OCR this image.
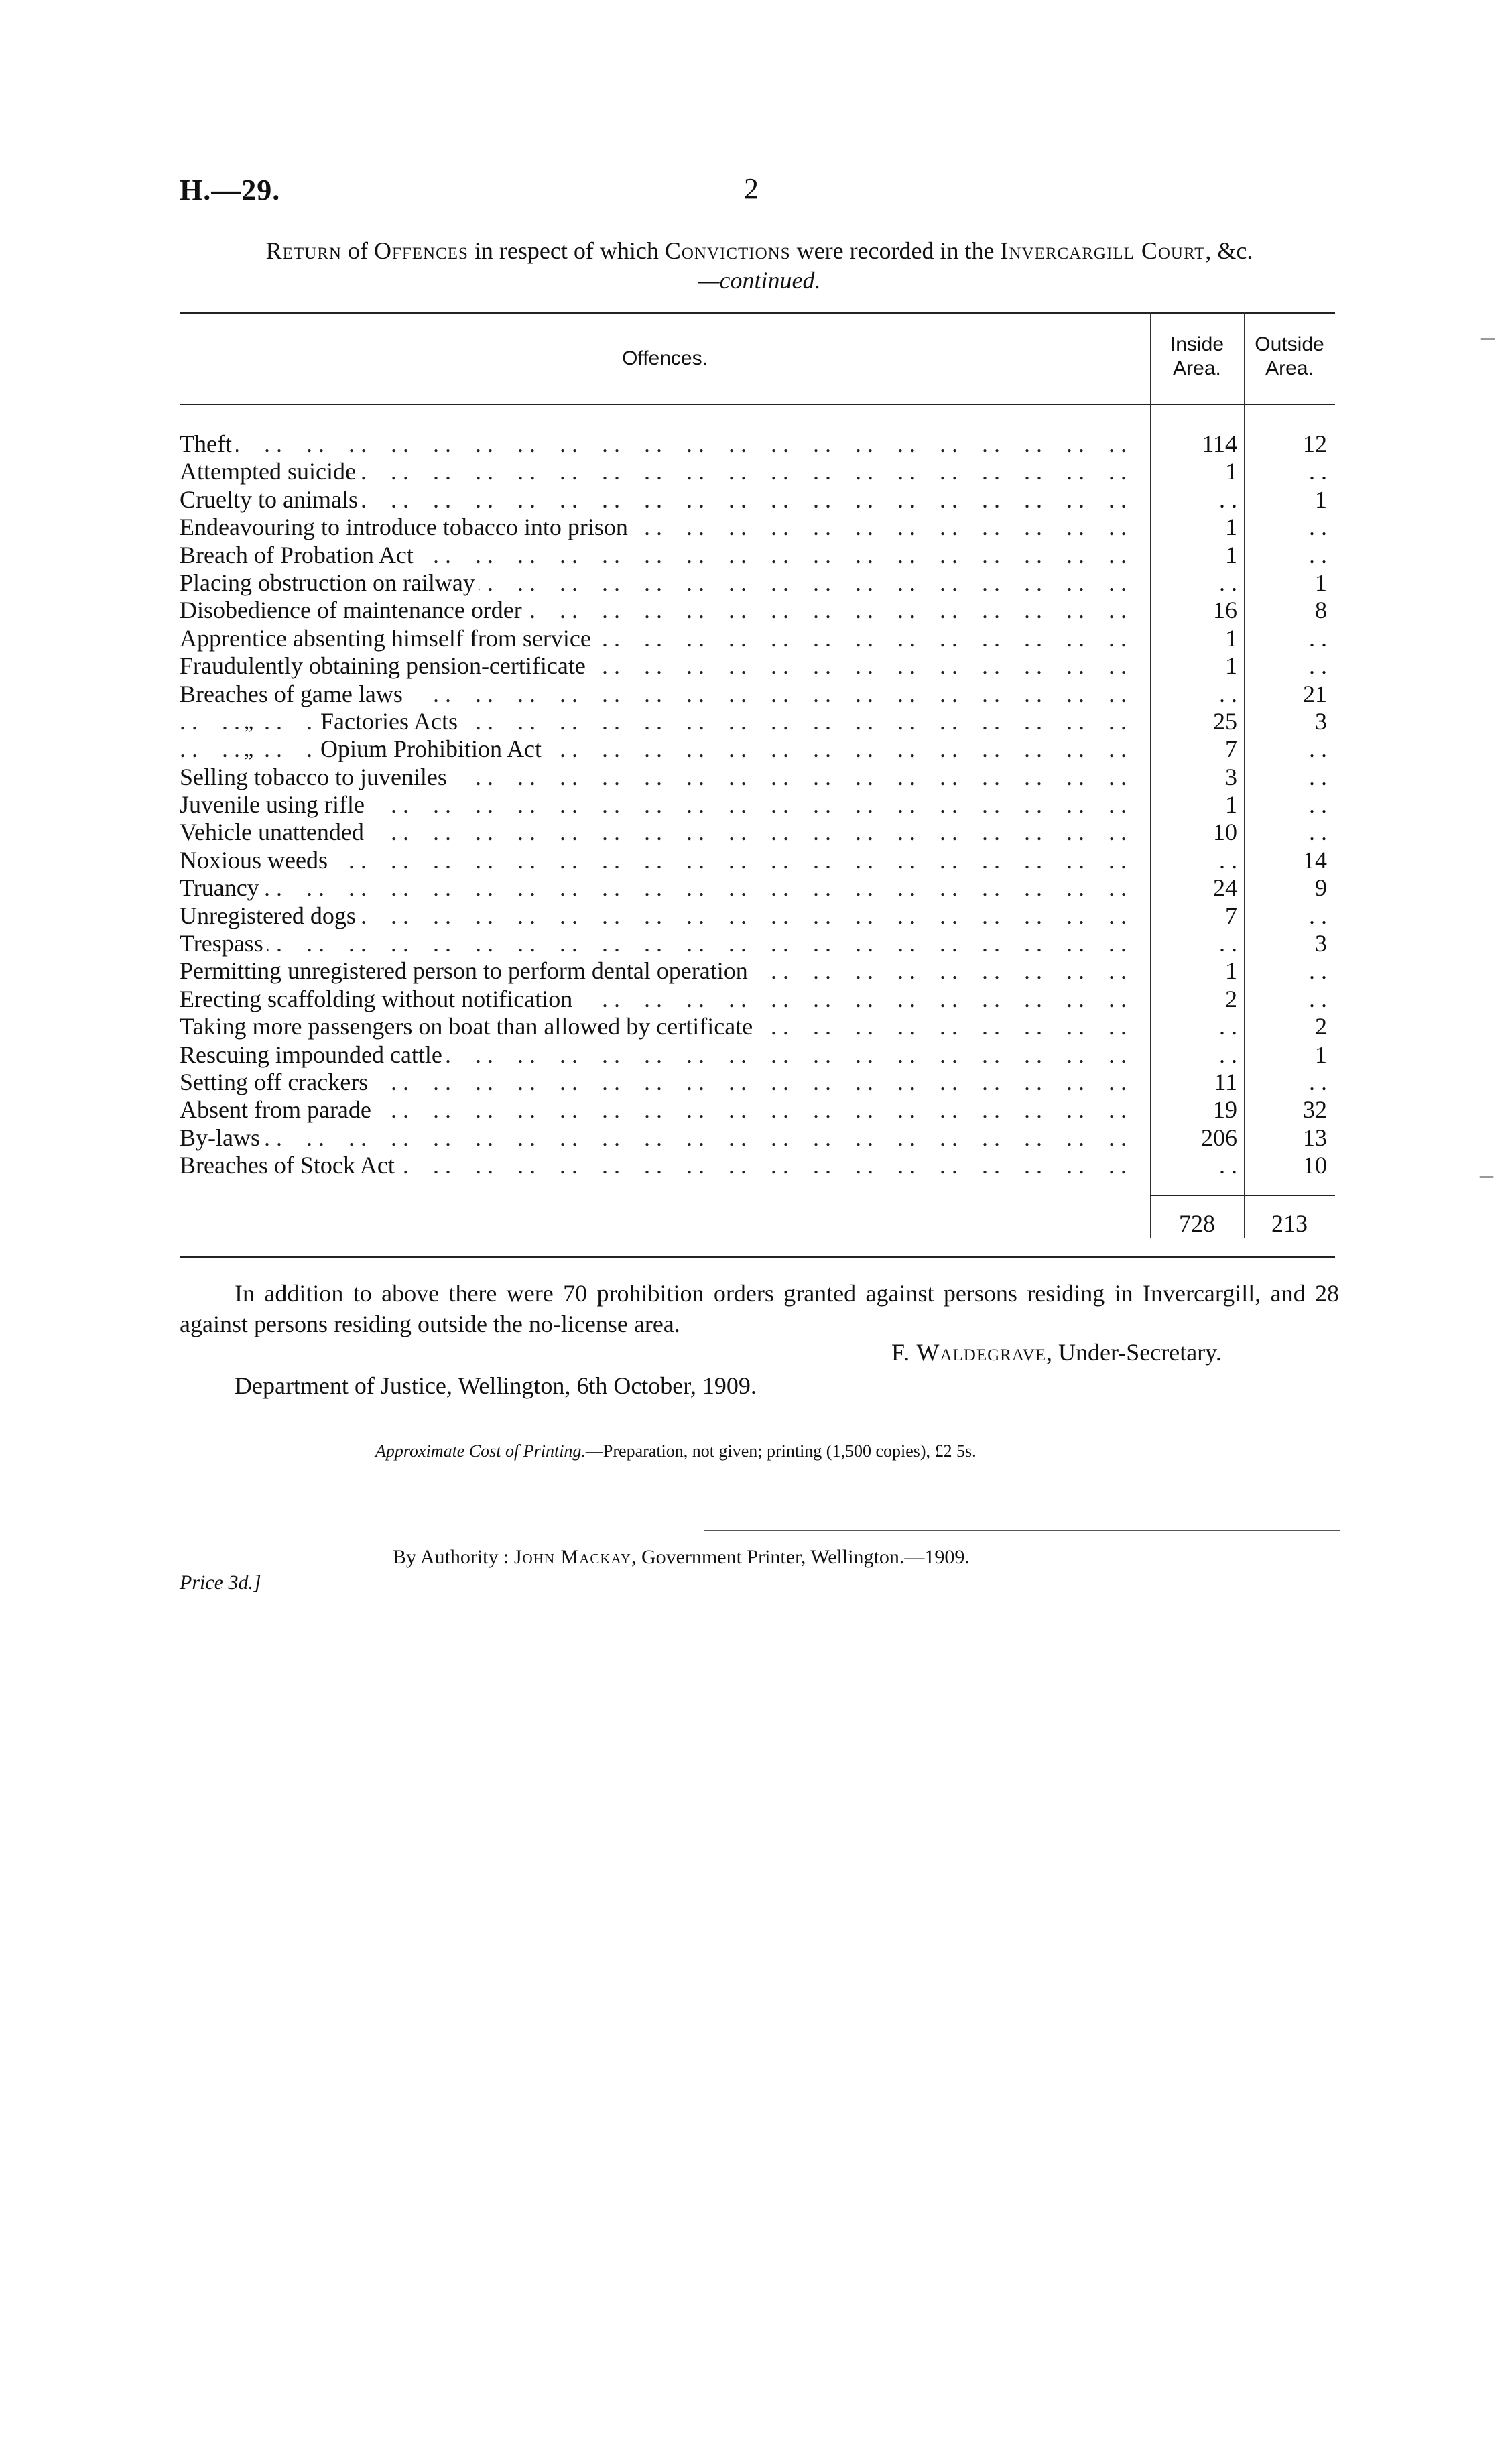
H.—29.	2
Return of Offences in respect of which Convictions were recorded in the Invercargill Court, &c.
—continued.
Offences.
Inside
Area.
Outside
Area.
. .
Theft	114	12
. .
Attempted suicide	1	. .
. .
Cruelty to animals	. .	1
. .
Endeavouring to introduce tobacco into prison	1	. .
. .
Breach of Probation Act	1	. .
. .
Placing obstruction on railway	. .	1
. .
Disobedience of maintenance order	16	8
. .
Apprentice absenting himself from service	1	. .
. .
Fraudulently obtaining pension-certificate	1	. .
. .
Breaches of game laws	. .	21
. .
„	Factories Acts	25	3
. .
„	Opium Prohibition Act	7	. .
. .
Selling tobacco to juveniles	3	. .
. .
Juvenile using rifle	1	. .
. .
Vehicle unattended	10	. .
. .
Noxious weeds	. .	14
. .
Truancy	24	9
. .
Unregistered dogs	7	. .
. .
Trespass	. .	3
. .
Permitting unregistered person to perform dental operation	1	. .
. .
Erecting scaffolding without notification	2	. .
. .
Taking more passengers on boat than allowed by certificate	. .	2
. .
Rescuing impounded cattle	. .	1
. .
Setting off crackers	11	. .
. .
Absent from parade	19	32
. .
By-laws	206	13
. .
Breaches of Stock Act	. .	10
728	213
In addition to above there were 70 prohibition orders granted against persons residing in Invercargill, and 28 against persons residing outside the no-license area.
F. Waldegrave, Under-Secretary.
Department of Justice, Wellington, 6th October, 1909.
Approximate Cost of Printing.—Preparation, not given; printing (1,500 copies), £2 5s.
By Authority : John Mackay, Government Printer, Wellington.—1909.
Price 3d.]
–
–
